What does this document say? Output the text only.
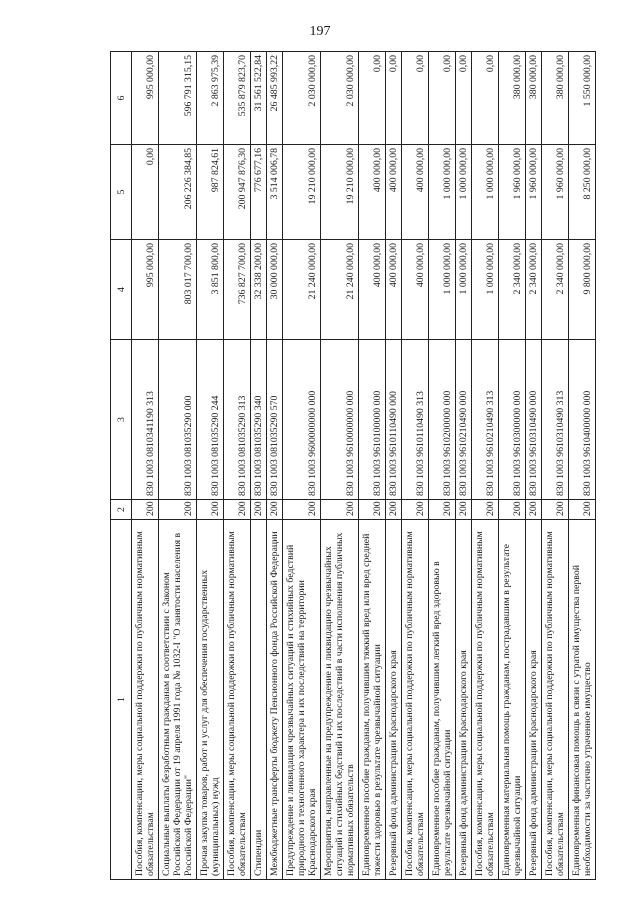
197
1	2	3	4	5	6
Пособия, компенсации, меры социальной поддержки по публичным нормативным обязательствам	200	830 1003 0810341190 313	995 000,00	0,00	995 000,00
Социальные выплаты безработным гражданам в соответствии с Законом Российской Федерации от 19 апреля 1991 года № 1032-I "О занятости населения в Российской Федерации"	200	830 1003 081035290 000	803 017 700,00	206 226 384,85	596 791 315,15
Прочая закупка товаров, работ и услуг для обеспечения государственных (муниципальных) нужд	200	830 1003 081035290 244	3 851 800,00	987 824,61	2 863 975,39
Пособия, компенсации, меры социальной поддержки по публичным нормативным обязательствам	200	830 1003 081035290 313	736 827 700,00	200 947 876,30	535 879 823,70
Стипендии	200	830 1003 081035290 340	32 338 200,00	776 677,16	31 561 522,84
Межбюджетные трансферты бюджету Пенсионного фонда Российской Федерации	200	830 1003 081035290 570	30 000 000,00	3 514 006,78	26 485 993,22
Предупреждение и ликвидация чрезвычайных ситуаций и стихийных бедствий природного и техногенного характера и их последствий на территории Краснодарского края	200	830 1003 9600000000 000	21 240 000,00	19 210 000,00	2 030 000,00
Мероприятия, направленные на предупреждение и ликвидацию чрезвычайных ситуаций и стихийных бедствий и их последствий в части исполнения публичных нормативных обязательств	200	830 1003 9610000000 000	21 240 000,00	19 210 000,00	2 030 000,00
Единовременное пособие гражданам, получившим тяжкий вред или вред средней тяжести здоровью в результате чрезвычайной ситуации	200	830 1003 9610100000 000	400 000,00	400 000,00	0,00
Резервный фонд администрации Краснодарского края	200	830 1003 9610110490 000	400 000,00	400 000,00	0,00
Пособия, компенсации, меры социальной поддержки по публичным нормативным обязательствам	200	830 1003 9610110490 313	400 000,00	400 000,00	0,00
Единовременное пособие гражданам, получившим легкий вред здоровью в результате чрезвычайной ситуации	200	830 1003 9610200000 000	1 000 000,00	1 000 000,00	0,00
Резервный фонд администрации Краснодарского края	200	830 1003 9610210490 000	1 000 000,00	1 000 000,00	0,00
Пособия, компенсации, меры социальной поддержки по публичным нормативным обязательствам	200	830 1003 9610210490 313	1 000 000,00	1 000 000,00	0,00
Единовременная материальная помощь гражданам, пострадавшим в результате чрезвычайной ситуации	200	830 1003 9610300000 000	2 340 000,00	1 960 000,00	380 000,00
Резервный фонд администрации Краснодарского края	200	830 1003 9610310490 000	2 340 000,00	1 960 000,00	380 000,00
Пособия, компенсации, меры социальной поддержки по публичным нормативным обязательствам	200	830 1003 9610310490 313	2 340 000,00	1 960 000,00	380 000,00
Единовременная финансовая помощь в связи с утратой имущества первой необходимости за частично утраченное имущество	200	830 1003 9610400000 000	9 800 000,00	8 250 000,00	1 550 000,00
